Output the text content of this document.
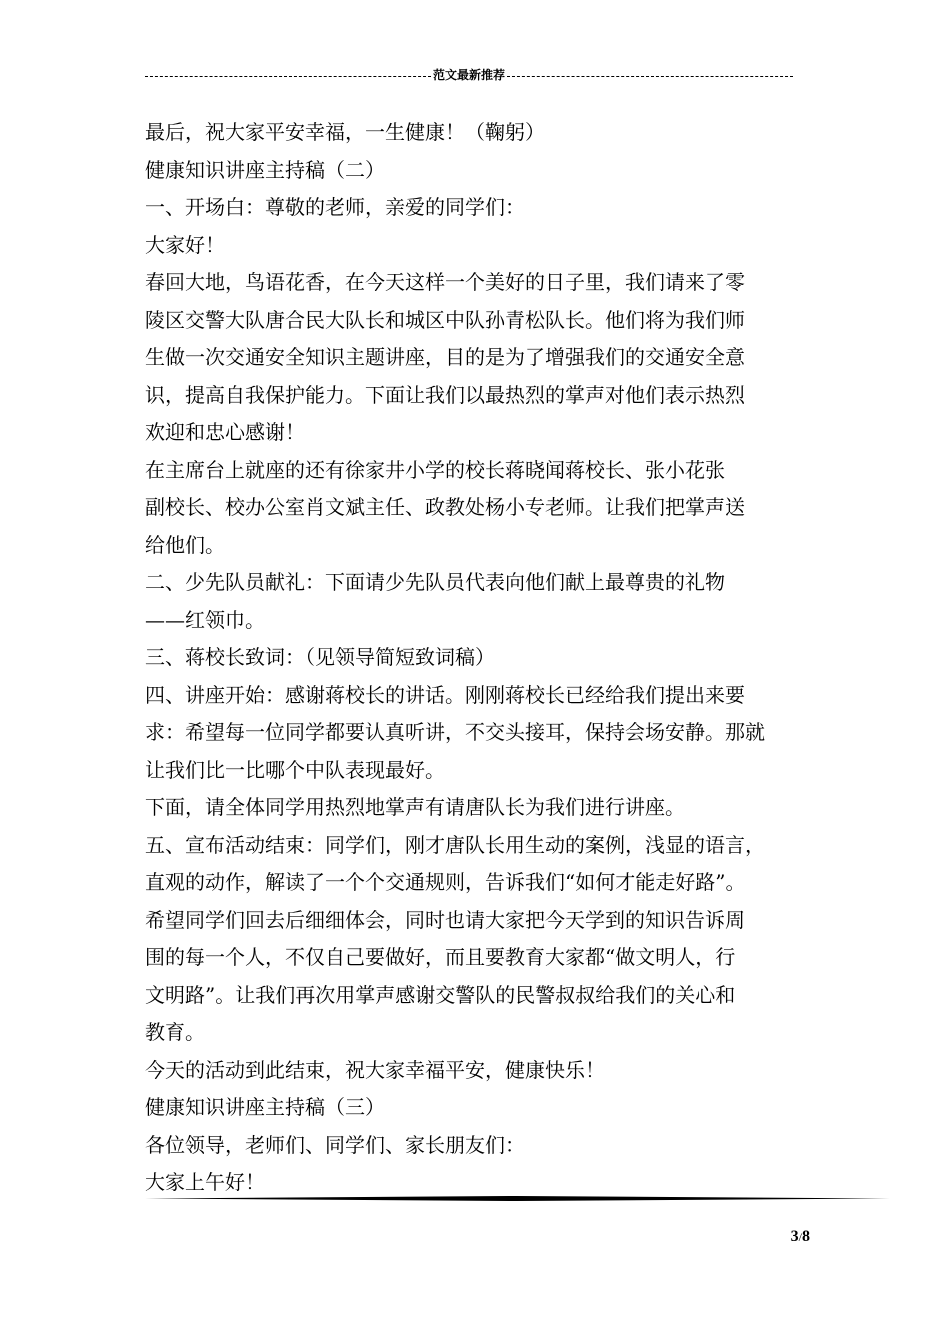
范文最新推荐
最后，祝大家平安幸福，一生健康！（鞠躬）
健康知识讲座主持稿（二）
一、开场白：尊敬的老师，亲爱的同学们：
大家好！
春回大地，鸟语花香，在今天这样一个美好的日子里，我们请来了零
陵区交警大队唐合民大队长和城区中队孙青松队长。他们将为我们师
生做一次交通安全知识主题讲座，目的是为了增强我们的交通安全意
识，提高自我保护能力。下面让我们以最热烈的掌声对他们表示热烈
欢迎和忠心感谢！
在主席台上就座的还有徐家井小学的校长蒋晓闻蒋校长、张小花张
副校长、校办公室肖文斌主任、政教处杨小专老师。让我们把掌声送
给他们。
二、少先队员献礼：下面请少先队员代表向他们献上最尊贵的礼物
——红领巾。
三、蒋校长致词：（见领导简短致词稿）
四、讲座开始：感谢蒋校长的讲话。刚刚蒋校长已经给我们提出来要
求：希望每一位同学都要认真听讲，不交头接耳，保持会场安静。那就
让我们比一比哪个中队表现最好。
下面，请全体同学用热烈地掌声有请唐队长为我们进行讲座。
五、宣布活动结束：同学们，刚才唐队长用生动的案例，浅显的语言，
直观的动作，解读了一个个交通规则，告诉我们“如何才能走好路”。
希望同学们回去后细细体会，同时也请大家把今天学到的知识告诉周
围的每一个人，不仅自己要做好，而且要教育大家都“做文明人，行
文明路”。让我们再次用掌声感谢交警队的民警叔叔给我们的关心和
教育。
今天的活动到此结束，祝大家幸福平安，健康快乐！
健康知识讲座主持稿（三）
各位领导，老师们、同学们、家长朋友们：
大家上午好！
3/8
